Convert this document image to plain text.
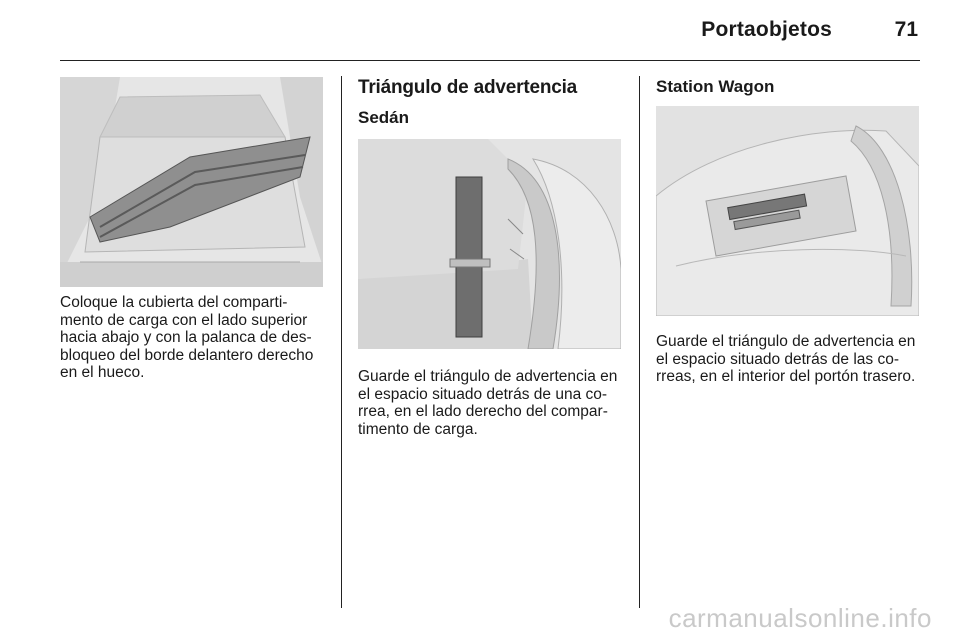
Portaobjetos	71
Coloque la cubierta del comparti-
mento de carga con el lado superior
hacia abajo y con la palanca de des-
bloqueo del borde delantero derecho
en el hueco.
Triángulo de advertencia
Sedán
Guarde el triángulo de advertencia en
el espacio situado detrás de una co-
rrea, en el lado derecho del compar-
timento de carga.
Station Wagon
Guarde el triángulo de advertencia en
el espacio situado detrás de las co-
rreas, en el interior del portón trasero.
carmanualsonline.info
